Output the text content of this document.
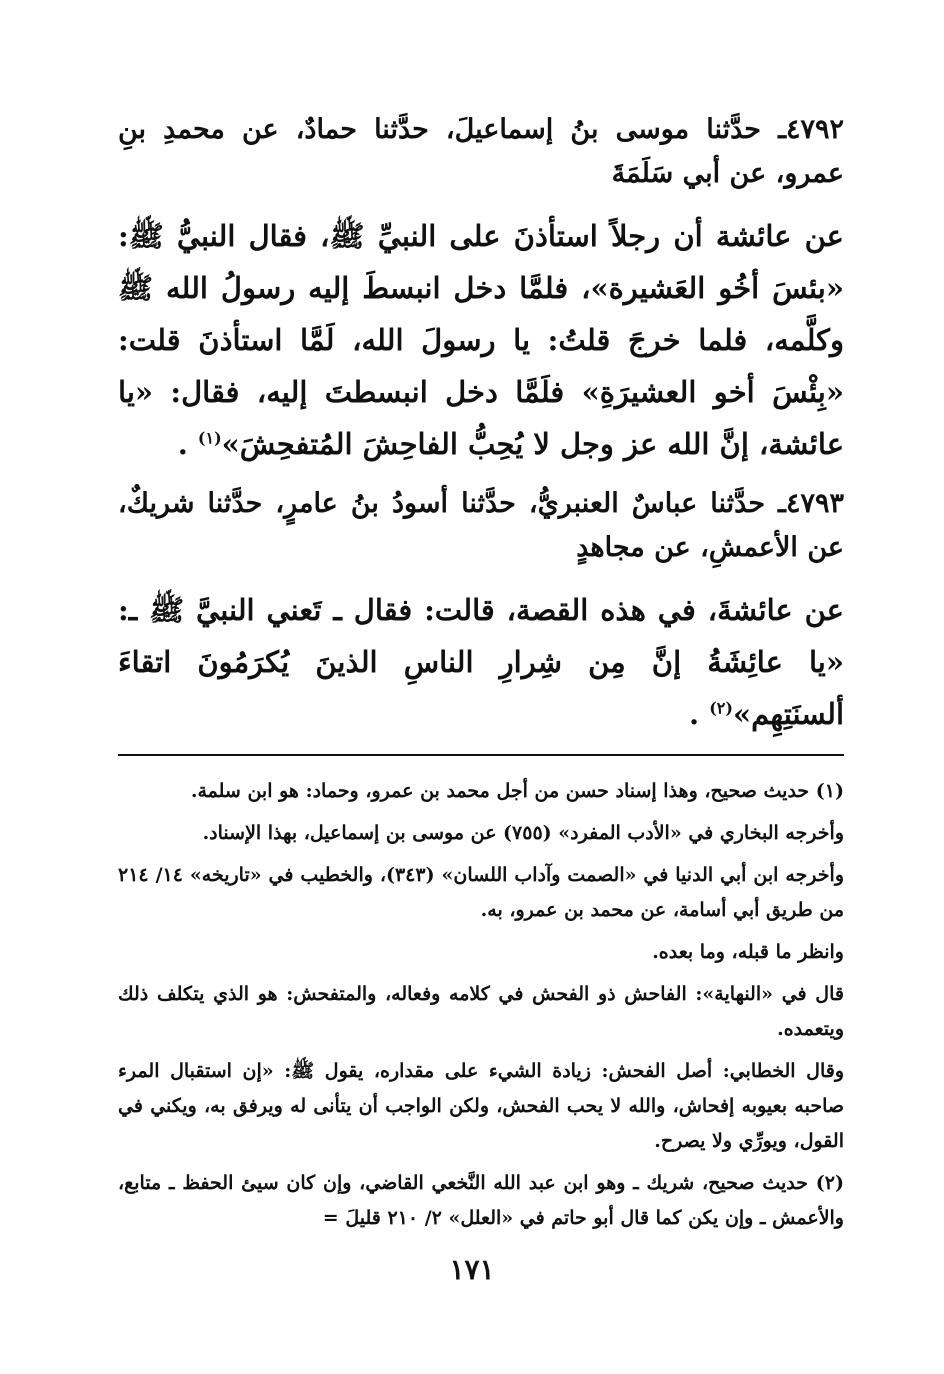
٤٧٩٢ـ حدَّثنا موسى بنُ إسماعيلَ، حدَّثنا حمادٌ، عن محمدِ بنِ عمرو، عن أبي سَلَمَةَ

عن عائشة أن رجلاً استأذنَ على النبيِّ ﷺ، فقال النبيُّ ﷺ: «بئسَ أخُو العَشيرة»، فلمَّا دخل انبسطَ إليه رسولُ الله ﷺ وكلَّمه، فلما خرجَ قلتُ: يا رسولَ الله، لَمَّا استأذنَ قلت: «بِئْسَ أخو العشيرَةِ» فلَمَّا دخل انبسطتَ إليه، فقال: «يا عائشة، إنَّ الله عز وجل لا يُحِبُّ الفاحِشَ المُتفحِشَ»$^{(١)}$ .

٤٧٩٣ـ حدَّثنا عباسٌ العنبريُّ، حدَّثنا أسودُ بنُ عامرٍ، حدَّثنا شريكٌ، عن الأعمشِ، عن مجاهدٍ

عن عائشةَ، في هذه القصة، قالت: فقال ـ تَعني النبيَّ ﷺ ـ: «يا عائِشَةُ إنَّ مِن شِرارِ الناسِ الذينَ يُكرَمُونَ اتقاءَ ألسنَتِهِم»$^{(٢)}$ .

(١) حديث صحيح، وهذا إسناد حسن من أجل محمد بن عمرو، وحماد: هو ابن سلمة.

وأخرجه البخاري في «الأدب المفرد» (٧٥٥) عن موسى بن إسماعيل، بهذا الإسناد.

وأخرجه ابن أبي الدنيا في «الصمت وآداب اللسان» (٣٤٣)، والخطيب في «تاريخه» ١٤/ ٢١٤ من طريق أبي أسامة، عن محمد بن عمرو، به.

وانظر ما قبله، وما بعده.

قال في «النهاية»: الفاحش ذو الفحش في كلامه وفعاله، والمتفحش: هو الذي يتكلف ذلك ويتعمده.

وقال الخطابي: أصل الفحش: زيادة الشيء على مقداره، يقول ﷺ: «إن استقبال المرء صاحبه بعيوبه إفحاش، والله لا يحب الفحش، ولكن الواجب أن يتأنى له ويرفق به، ويكني في القول، ويورِّي ولا يصرح.

(٢) حديث صحيح، شريك ـ وهو ابن عبد الله النَّخعي القاضي، وإن كان سيئ الحفظ ـ متابع، والأعمش ـ وإن يكن كما قال أبو حاتم في «العلل» ٢/ ٢١٠ قليلَ =

١٧١
